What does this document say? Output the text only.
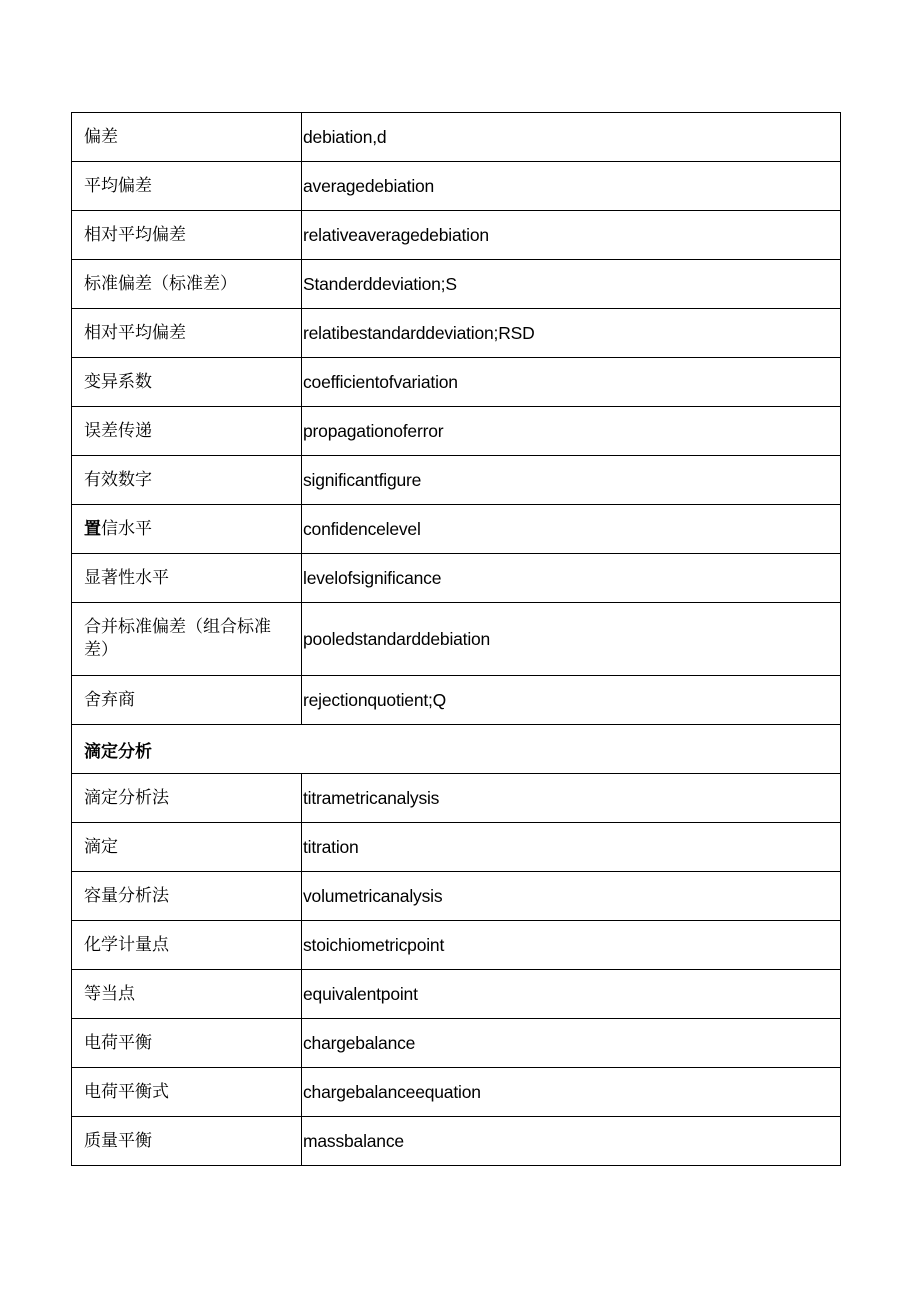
偏差	debiation,d
平均偏差	averagedebiation
相对平均偏差	relativeaveragedebiation
标准偏差（标准差）	Standerddeviation;S
相对平均偏差	relatibestandarddeviation;RSD
变异系数	coefficientofvariation
误差传递	propagationoferror
有效数字	significantfigure
置信水平	confidencelevel
显著性水平	levelofsignificance
合并标准偏差（组合标准差）	pooledstandarddebiation
舍弃商	rejectionquotient;Q
滴定分析	
滴定分析法	titrametricanalysis
滴定	titration
容量分析法	volumetricanalysis
化学计量点	stoichiometricpoint
等当点	equivalentpoint
电荷平衡	chargebalance
电荷平衡式	chargebalanceequation
质量平衡	massbalance
